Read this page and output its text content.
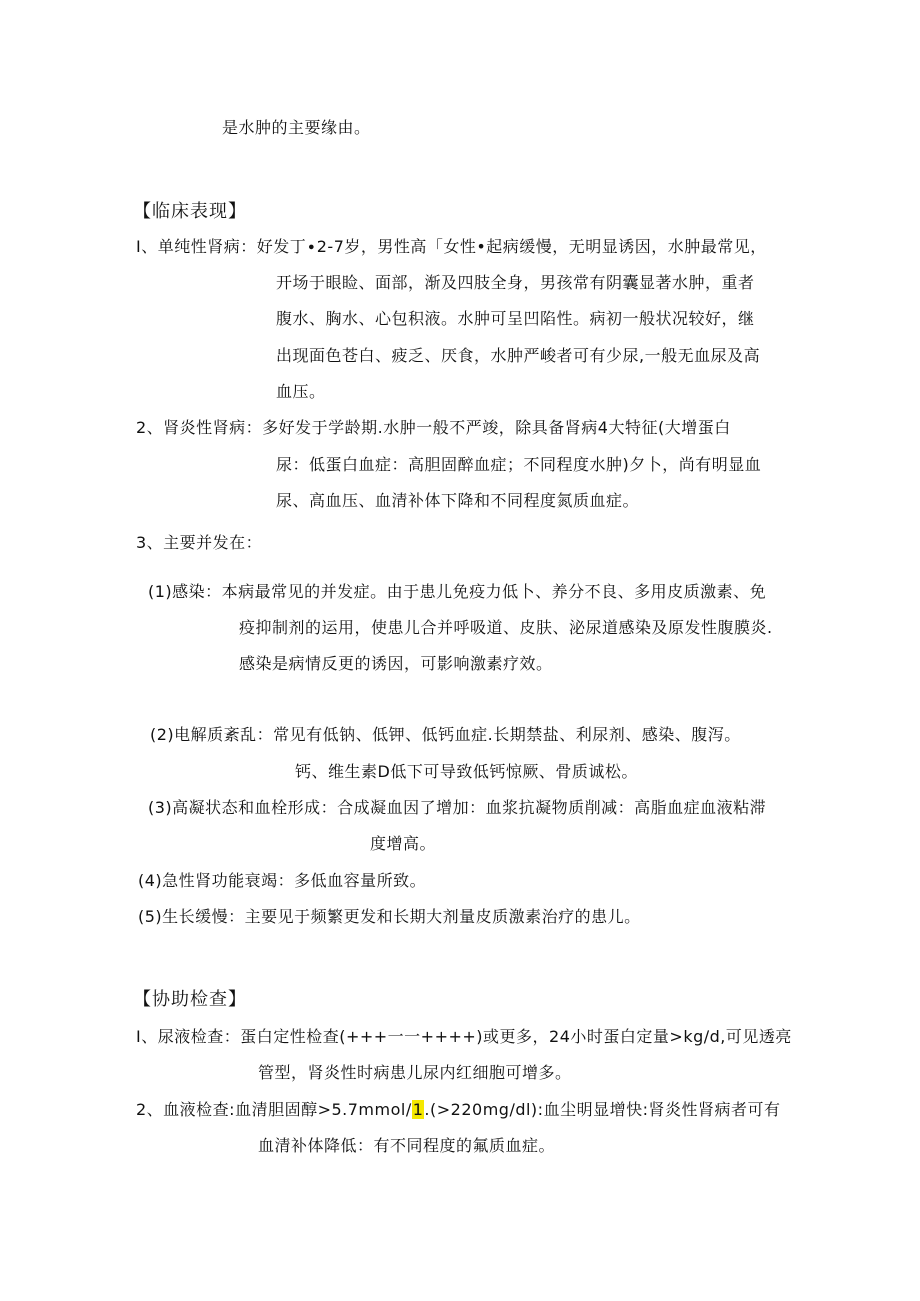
是水肿的主要缘由。
【临床表现】
I、单纯性肾病：好发丁∙2-7岁，男性高「女性•起病缓慢，无明显诱因，水肿最常见，
开场于眼睑、面部，渐及四肢全身，男孩常有阴囊显著水肿，重者
腹水、胸水、心包积液。水肿可呈凹陷性。病初一般状况较好，继
出现面色苍白、疲乏、厌食，水肿严峻者可有少尿,一般无血尿及高
血压。
2、肾炎性肾病：多好发于学龄期.水肿一般不严竣，除具备肾病4大特征(大增蛋白
尿：低蛋白血症：高胆固醉血症；不同程度水肿)夕卜，尚有明显血
尿、高血压、血清补体下降和不同程度氮质血症。
3、主要并发在：
(1)感染：本病最常见的并发症。由于患儿免疫力低卜、养分不良、多用皮质激素、免
疫抑制剂的运用，使患儿合并呼吸道、皮肤、泌尿道感染及原发性腹膜炎.
感染是病情反更的诱因，可影响激素疗效。
(2)电解质紊乱：常见有低钠、低钾、低钙血症.长期禁盐、利尿剂、感染、腹泻。
钙、维生素D低下可导致低钙惊厥、骨质诚松。
(3)高凝状态和血栓形成：合成凝血因了增加：血浆抗凝物质削减：高脂血症血液粘滞
度增高。
(4)急性肾功能衰竭：多低血容量所致。
(5)生长缓慢：主要见于频繁更发和长期大剂量皮质激素治疗的患儿。
【协助检查】
I、尿液检查：蛋白定性检查(+++一一++++)或更多，24小时蛋白定量>kg∕d,可见透亮
管型，肾炎性时病患儿尿内红细胞可增多。
2、血液检查:血清胆固醇>5.7mmol∕1.(>220mg∕dl):血尘明显增快:肾炎性肾病者可有
血清补体降低：有不同程度的氟质血症。
